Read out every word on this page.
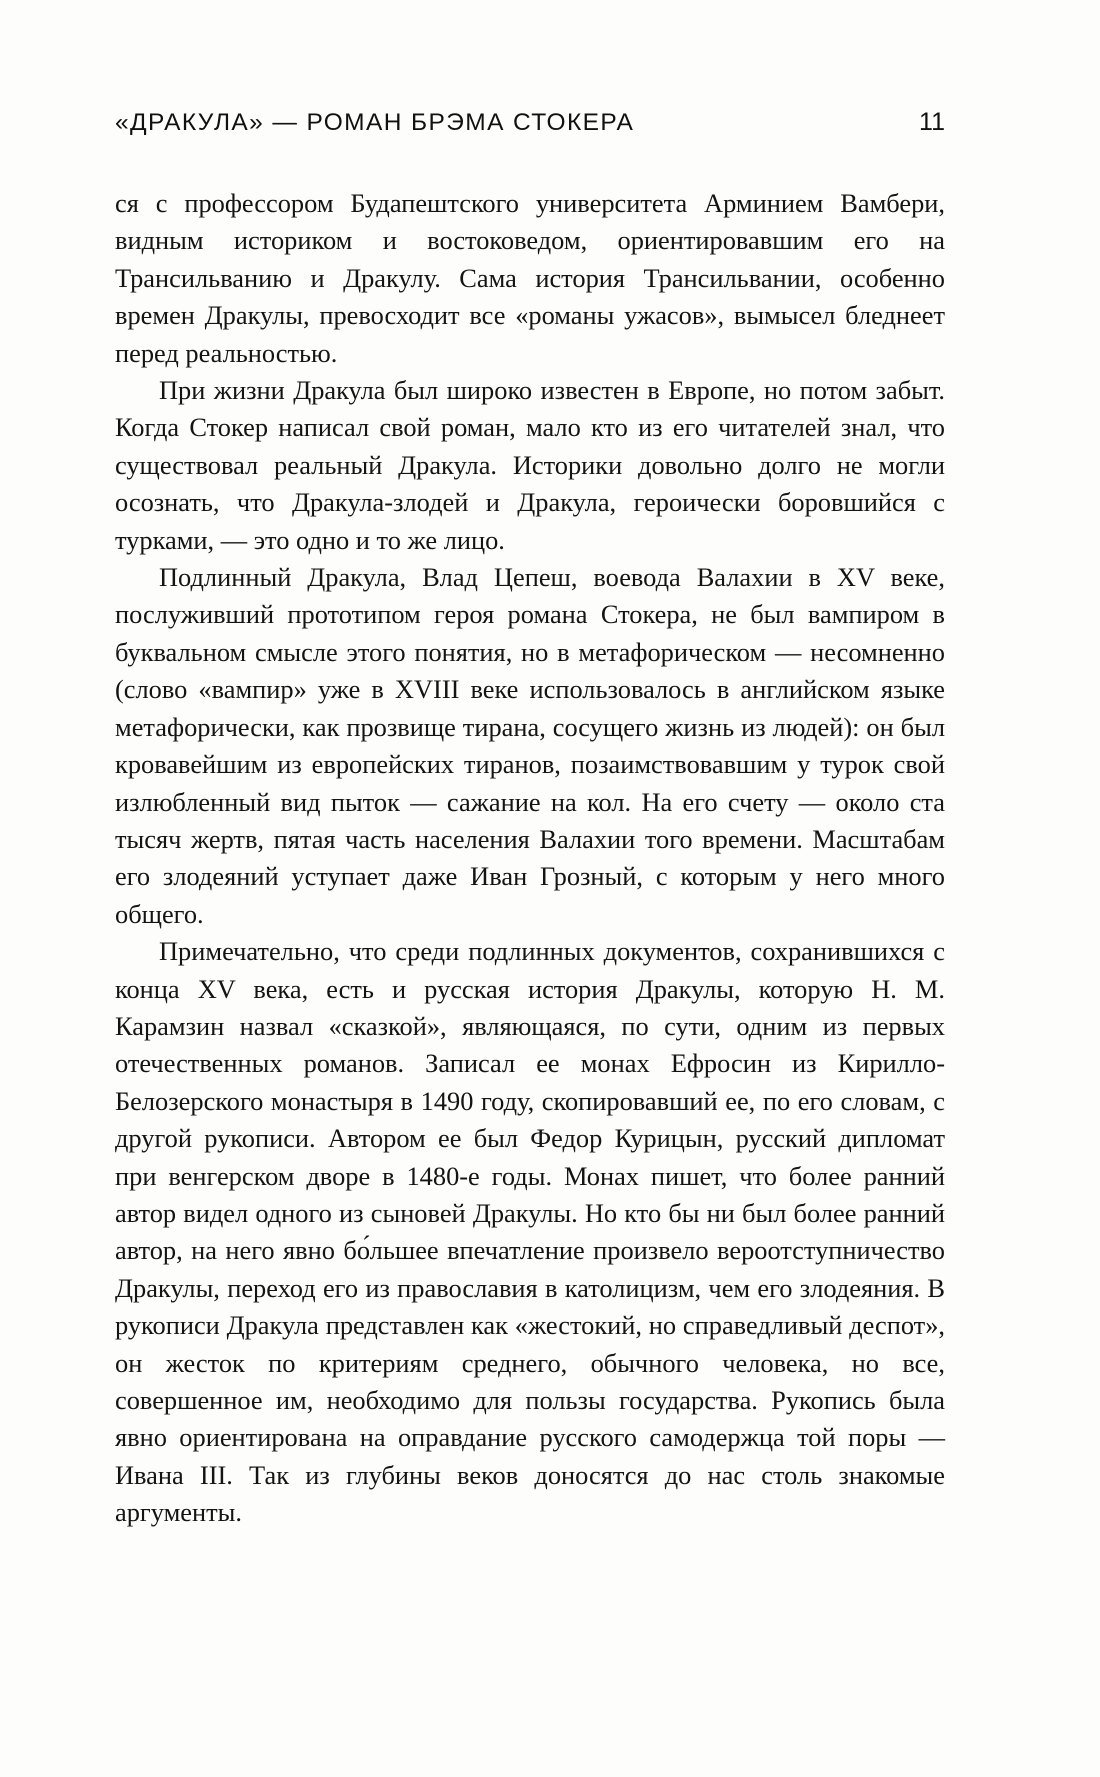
«ДРАКУЛА» — РОМАН БРЭМА СТОКЕРА	11

ся с профессором Будапештского университета Арминием Вамбери, видным историком и востоковедом, ориентировавшим его на Трансильванию и Дракулу. Сама история Трансильвании, особенно времен Дракулы, превосходит все «романы ужасов», вымысел бледнеет перед реальностью.

При жизни Дракула был широко известен в Европе, но потом забыт. Когда Стокер написал свой роман, мало кто из его читателей знал, что существовал реальный Дракула. Историки довольно долго не могли осознать, что Дракула-злодей и Дракула, героически боровшийся с турками, — это одно и то же лицо.

Подлинный Дракула, Влад Цепеш, воевода Валахии в XV веке, послуживший прототипом героя романа Стокера, не был вампиром в буквальном смысле этого понятия, но в метафорическом — несомненно (слово «вампир» уже в XVIII веке использовалось в английском языке метафорически, как прозвище тирана, сосущего жизнь из людей): он был кровавейшим из европейских тиранов, позаимствовавшим у турок свой излюбленный вид пыток — сажание на кол. На его счету — около ста тысяч жертв, пятая часть населения Валахии того времени. Масштабам его злодеяний уступает даже Иван Грозный, с которым у него много общего.

Примечательно, что среди подлинных документов, сохранившихся с конца XV века, есть и русская история Дракулы, которую Н. М. Карамзин назвал «сказкой», являющаяся, по сути, одним из первых отечественных романов. Записал ее монах Ефросин из Кирилло-Белозерского монастыря в 1490 году, скопировавший ее, по его словам, с другой рукописи. Автором ее был Федор Курицын, русский дипломат при венгерском дворе в 1480-е годы. Монах пишет, что более ранний автор видел одного из сыновей Дракулы. Но кто бы ни был более ранний автор, на него явно бо́льшее впечатление произвело вероотступничество Дракулы, переход его из православия в католицизм, чем его злодеяния. В рукописи Дракула представлен как «жестокий, но справедливый деспот», он жесток по критериям среднего, обычного человека, но все, совершенное им, необходимо для пользы государства. Рукопись была явно ориентирована на оправдание русского самодержца той поры — Ивана III. Так из глубины веков доносятся до нас столь знакомые аргументы.
